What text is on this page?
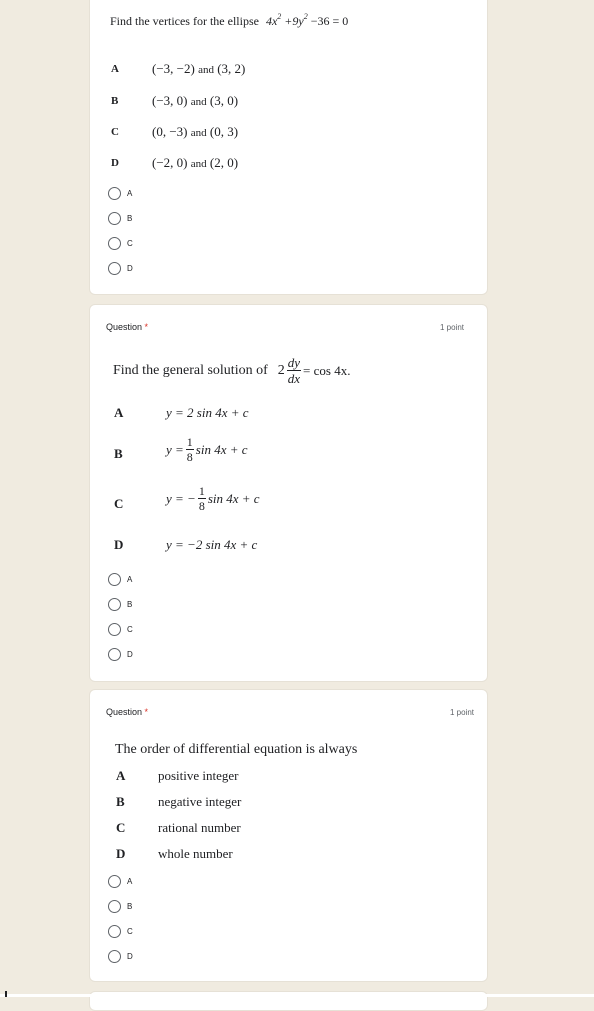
Find the vertices for the ellipse $4x^2 +9y^2 -36 = 0$
A	(−3, −2) and (3, 2)
B	(−3, 0) and (3, 0)
C	(0, −3) and (0, 3)
D	(−2, 0) and (2, 0)
A
B
C
D
Question *	1 point
Find the general solution of $2 \frac{dy}{dx} = \cos 4x$.
A	y = 2 sin 4x + c
B	$y = \frac{1}{8}$ sin 4x + c
C	y = − $\frac{1}{8}$ sin 4x + c
D	y = −2 sin 4x + c
A
B
C
D
Question *	1 point
The order of differential equation is always
A	positive integer
B	negative integer
C	rational number
D	whole number
A
B
C
D
